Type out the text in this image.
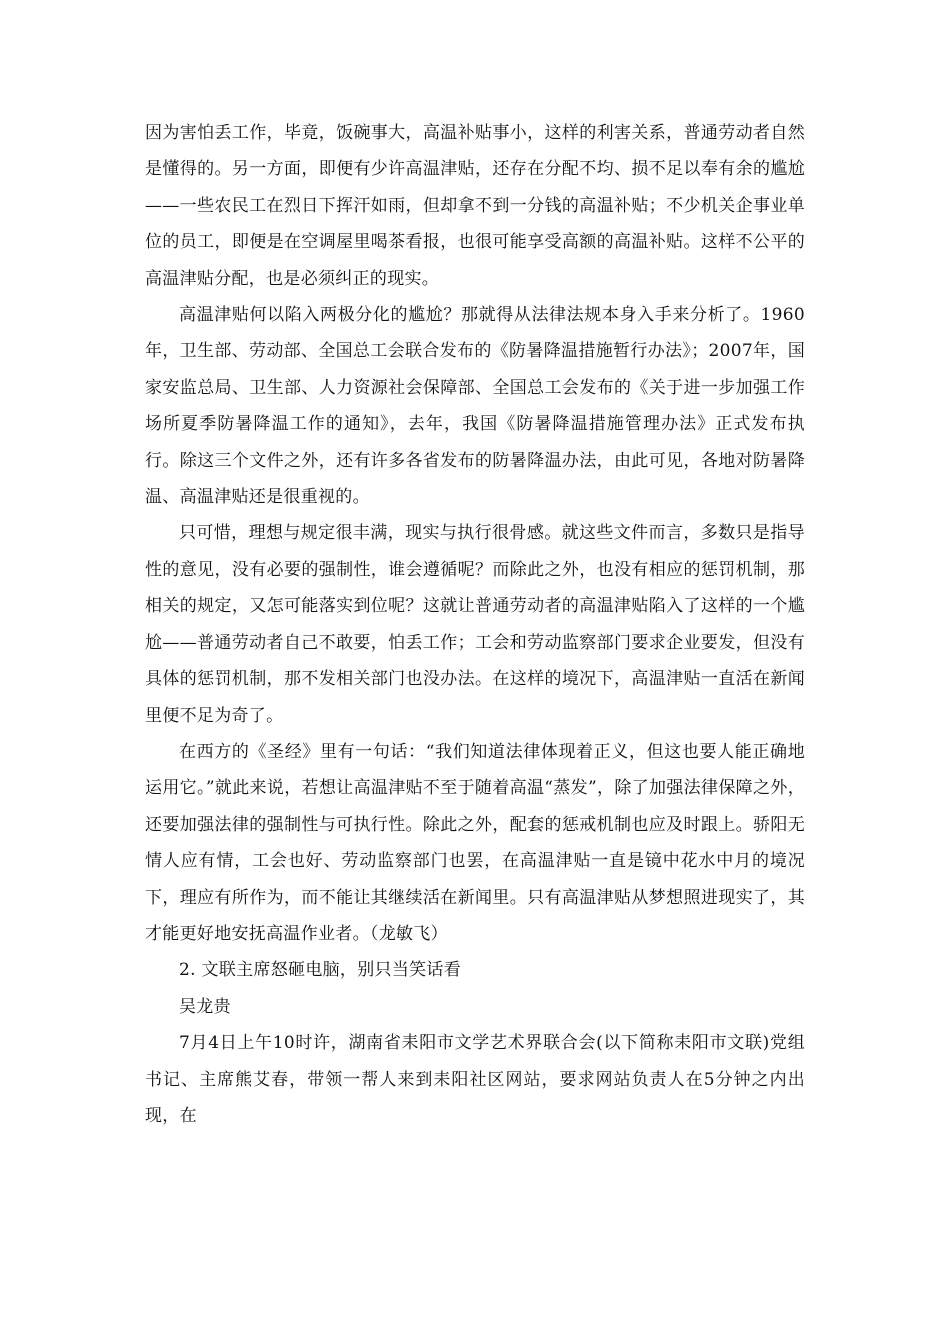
因为害怕丢工作，毕竟，饭碗事大，高温补贴事小，这样的利害关系，普通劳动者自然是懂得的。另一方面，即便有少许高温津贴，还存在分配不均、损不足以奉有余的尴尬——一些农民工在烈日下挥汗如雨，但却拿不到一分钱的高温补贴；不少机关企事业单位的员工，即便是在空调屋里喝茶看报，也很可能享受高额的高温补贴。这样不公平的高温津贴分配，也是必须纠正的现实。

高温津贴何以陷入两极分化的尴尬？那就得从法律法规本身入手来分析了。1960年，卫生部、劳动部、全国总工会联合发布的《防暑降温措施暂行办法》；2007年，国家安监总局、卫生部、人力资源社会保障部、全国总工会发布的《关于进一步加强工作场所夏季防暑降温工作的通知》，去年，我国《防暑降温措施管理办法》正式发布执行。除这三个文件之外，还有许多各省发布的防暑降温办法，由此可见，各地对防暑降温、高温津贴还是很重视的。

只可惜，理想与规定很丰满，现实与执行很骨感。就这些文件而言，多数只是指导性的意见，没有必要的强制性，谁会遵循呢？而除此之外，也没有相应的惩罚机制，那相关的规定，又怎可能落实到位呢？这就让普通劳动者的高温津贴陷入了这样的一个尴尬——普通劳动者自己不敢要，怕丢工作；工会和劳动监察部门要求企业要发，但没有具体的惩罚机制，那不发相关部门也没办法。在这样的境况下，高温津贴一直活在新闻里便不足为奇了。

在西方的《圣经》里有一句话：“我们知道法律体现着正义，但这也要人能正确地运用它。”就此来说，若想让高温津贴不至于随着高温“蒸发”，除了加强法律保障之外，还要加强法律的强制性与可执行性。除此之外，配套的惩戒机制也应及时跟上。骄阳无情人应有情，工会也好、劳动监察部门也罢，在高温津贴一直是镜中花水中月的境况下，理应有所作为，而不能让其继续活在新闻里。只有高温津贴从梦想照进现实了，其才能更好地安抚高温作业者。（龙敏飞）

2. 文联主席怒砸电脑，别只当笑话看

吴龙贵

7月4日上午10时许，湖南省耒阳市文学艺术界联合会(以下简称耒阳市文联)党组书记、主席熊艾春，带领一帮人来到耒阳社区网站，要求网站负责人在5分钟之内出现，在
